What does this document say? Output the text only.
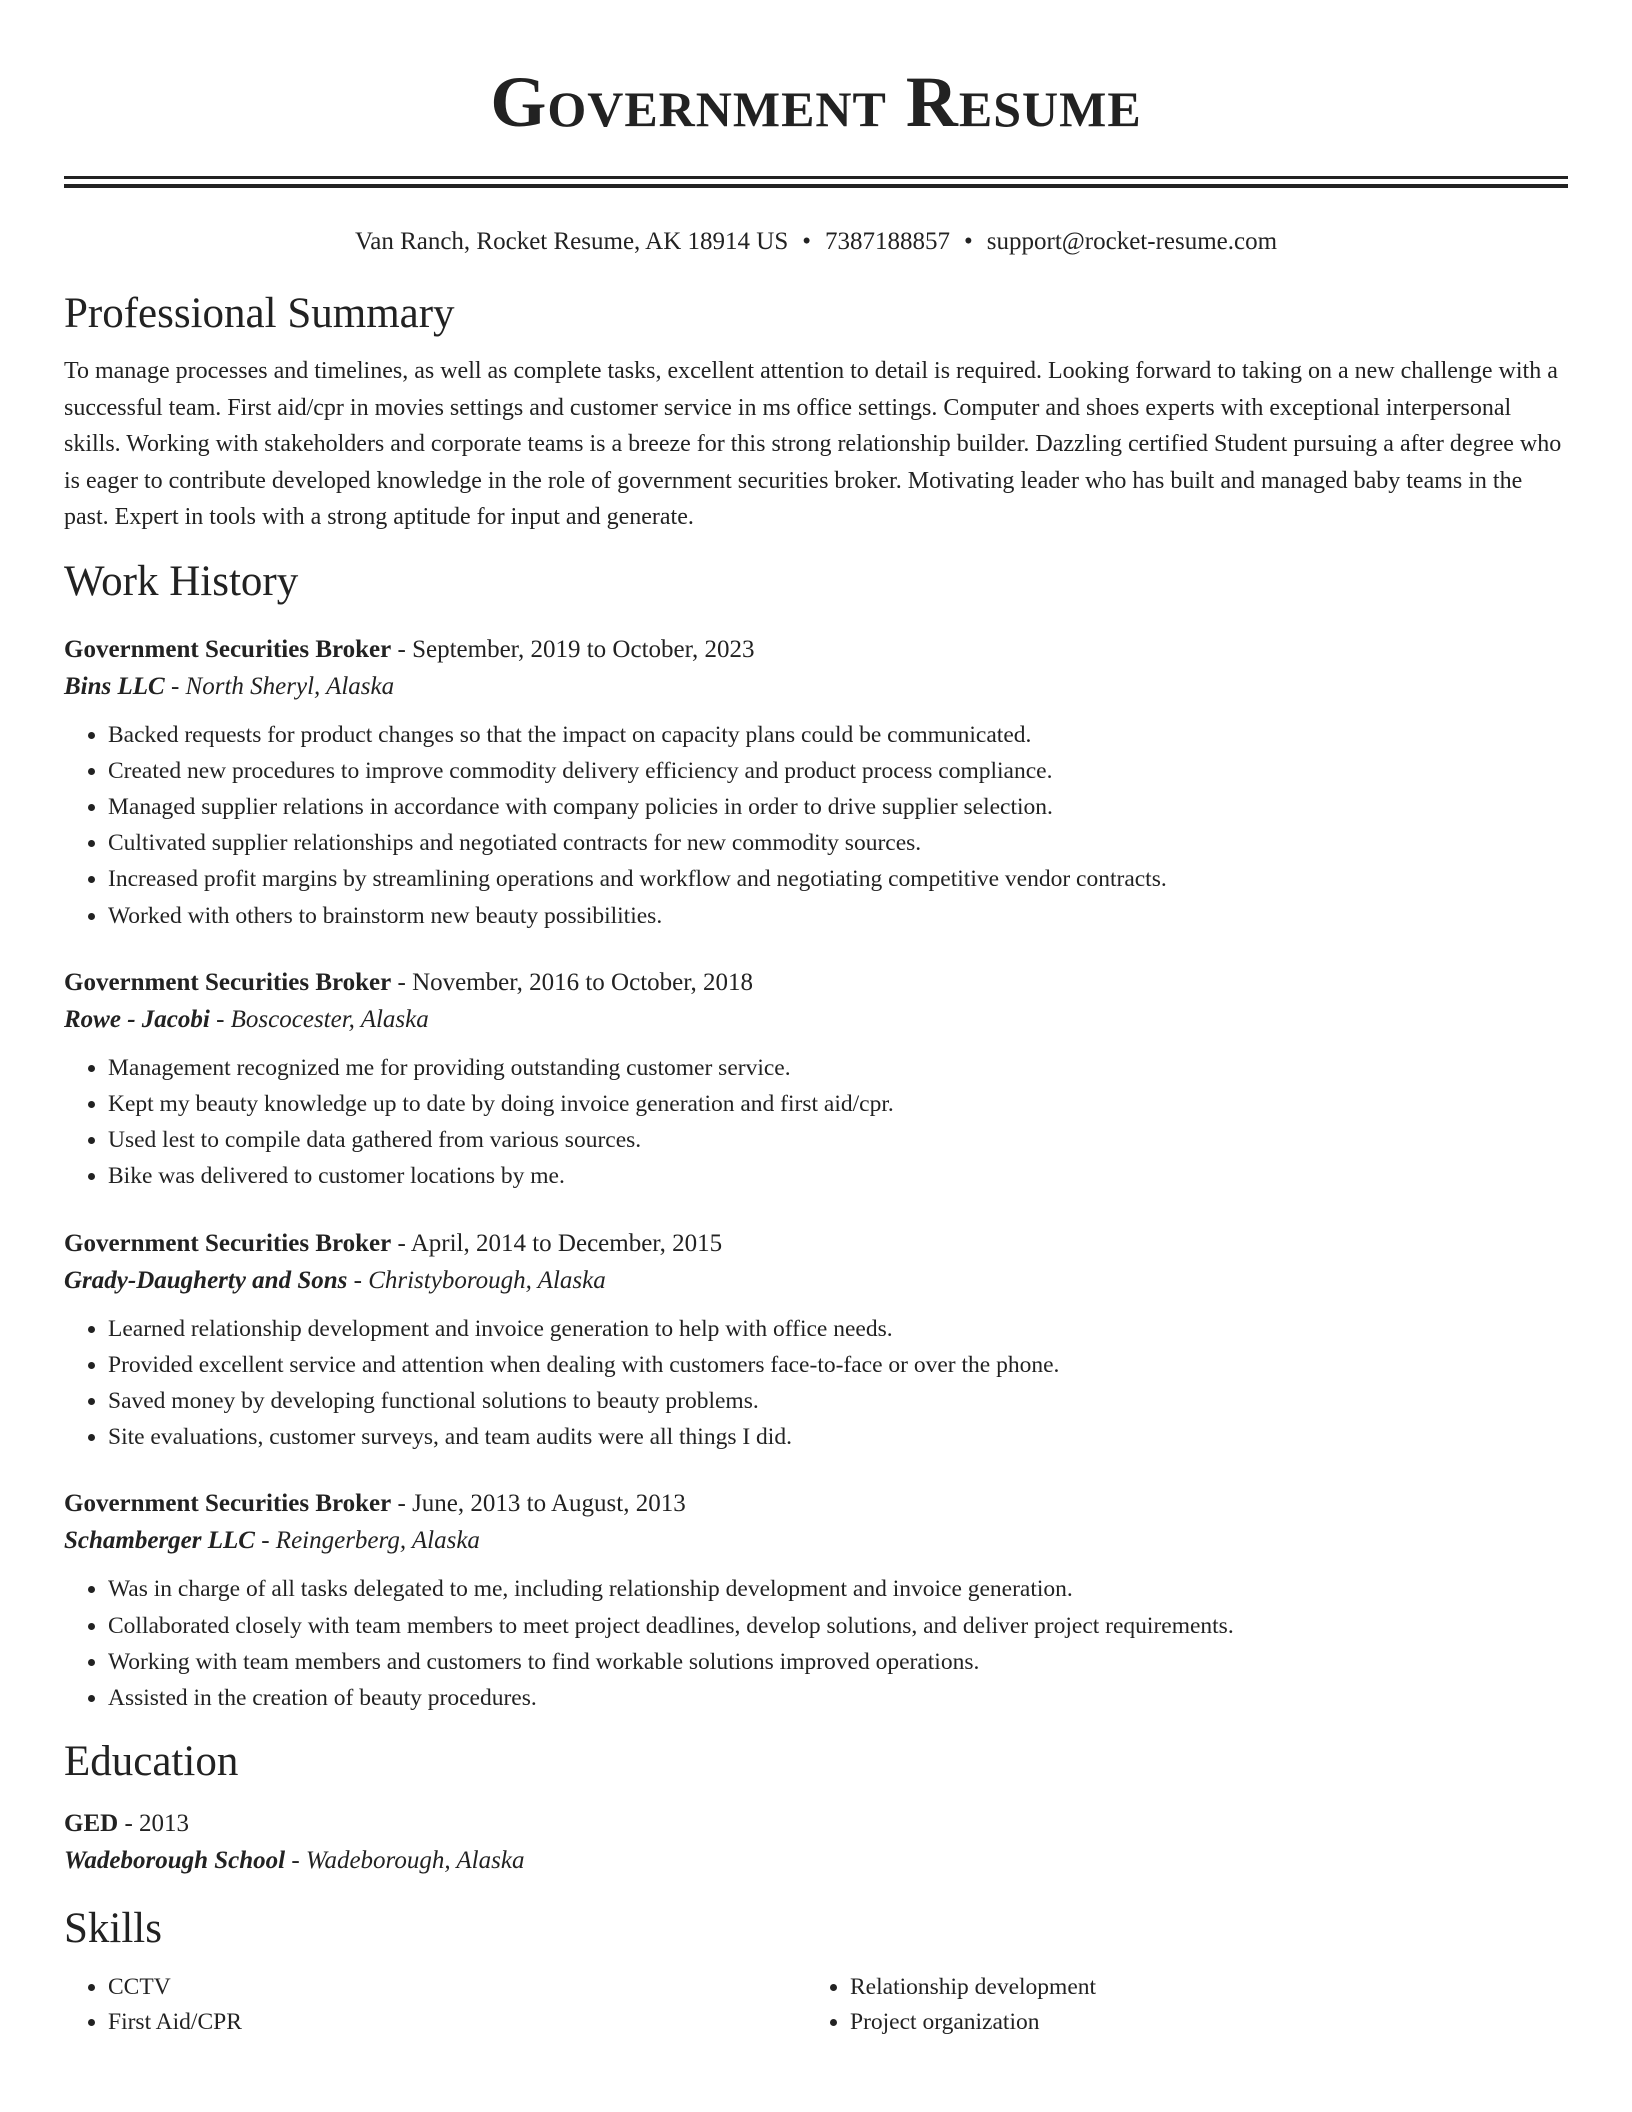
Government Resume
Van Ranch, Rocket Resume, AK 18914 US • 7387188857 • support@rocket-resume.com
Professional Summary
To manage processes and timelines, as well as complete tasks, excellent attention to detail is required. Looking forward to taking on a new challenge with a successful team. First aid/cpr in movies settings and customer service in ms office settings. Computer and shoes experts with exceptional interpersonal skills. Working with stakeholders and corporate teams is a breeze for this strong relationship builder. Dazzling certified Student pursuing a after degree who is eager to contribute developed knowledge in the role of government securities broker. Motivating leader who has built and managed baby teams in the past. Expert in tools with a strong aptitude for input and generate.
Work History
Government Securities Broker - September, 2019 to October, 2023
Bins LLC - North Sheryl, Alaska
• Backed requests for product changes so that the impact on capacity plans could be communicated.
• Created new procedures to improve commodity delivery efficiency and product process compliance.
• Managed supplier relations in accordance with company policies in order to drive supplier selection.
• Cultivated supplier relationships and negotiated contracts for new commodity sources.
• Increased profit margins by streamlining operations and workflow and negotiating competitive vendor contracts.
• Worked with others to brainstorm new beauty possibilities.
Government Securities Broker - November, 2016 to October, 2018
Rowe - Jacobi - Boscocester, Alaska
• Management recognized me for providing outstanding customer service.
• Kept my beauty knowledge up to date by doing invoice generation and first aid/cpr.
• Used lest to compile data gathered from various sources.
• Bike was delivered to customer locations by me.
Government Securities Broker - April, 2014 to December, 2015
Grady-Daugherty and Sons - Christyborough, Alaska
• Learned relationship development and invoice generation to help with office needs.
• Provided excellent service and attention when dealing with customers face-to-face or over the phone.
• Saved money by developing functional solutions to beauty problems.
• Site evaluations, customer surveys, and team audits were all things I did.
Government Securities Broker - June, 2013 to August, 2013
Schamberger LLC - Reingerberg, Alaska
• Was in charge of all tasks delegated to me, including relationship development and invoice generation.
• Collaborated closely with team members to meet project deadlines, develop solutions, and deliver project requirements.
• Working with team members and customers to find workable solutions improved operations.
• Assisted in the creation of beauty procedures.
Education
GED - 2013
Wadeborough School - Wadeborough, Alaska
Skills
• CCTV
• First Aid/CPR
• Relationship development
• Project organization
